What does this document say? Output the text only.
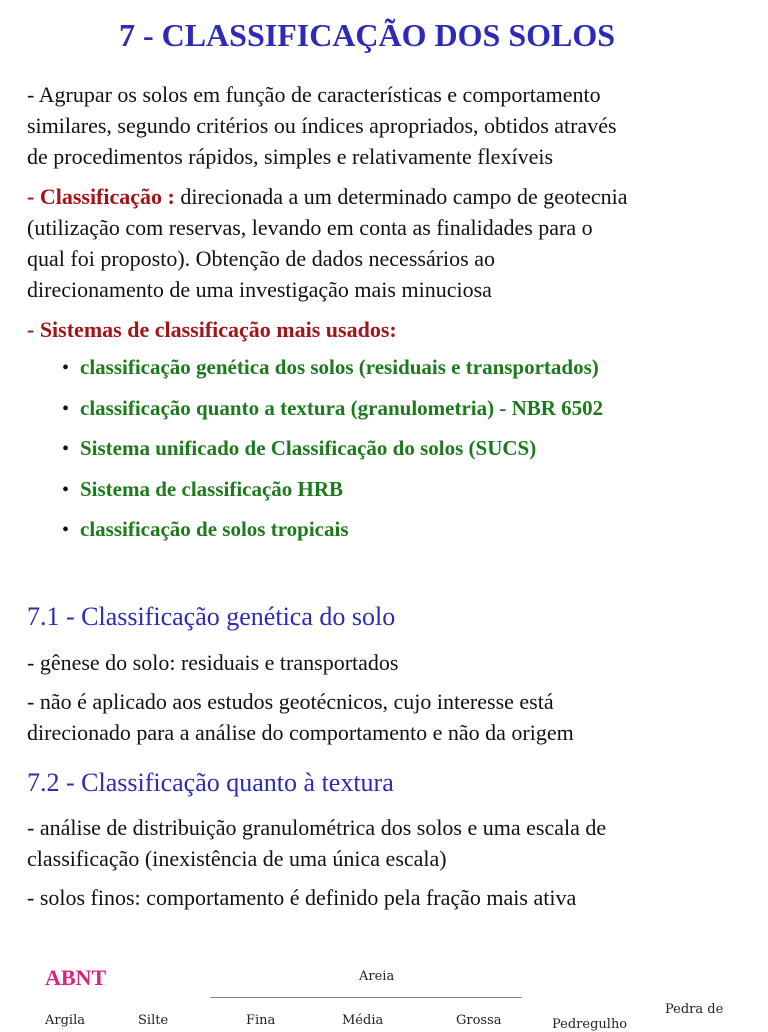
7 - CLASSIFICAÇÃO DOS SOLOS
- Agrupar os solos em função de características e comportamento
similares, segundo critérios ou índices apropriados, obtidos através
de procedimentos rápidos, simples e relativamente flexíveis
- Classificação : direcionada a um determinado campo de geotecnia
(utilização com reservas, levando em conta as finalidades para o
qual foi proposto). Obtenção de dados necessários ao
direcionamento de uma investigação mais minuciosa
- Sistemas de classificação mais usados:
• classificação genética dos solos (residuais e transportados)
• classificação quanto a textura (granulometria) - NBR 6502
• Sistema unificado de Classificação do solos (SUCS)
• Sistema de classificação HRB
• classificação de solos tropicais
7.1 - Classificação genética do solo
- gênese do solo: residuais e transportados
- não é aplicado aos estudos geotécnicos, cujo interesse está
direcionado para a análise do comportamento e não da origem
7.2 - Classificação quanto à textura
- análise de distribuição granulométrica dos solos e uma escala de
classificação (inexistência de uma única escala)
- solos finos: comportamento é definido pela fração mais ativa
ABNT	Areia
Argila	Silte	Fina	Média	Grossa	Pedregulho
Pedra de
